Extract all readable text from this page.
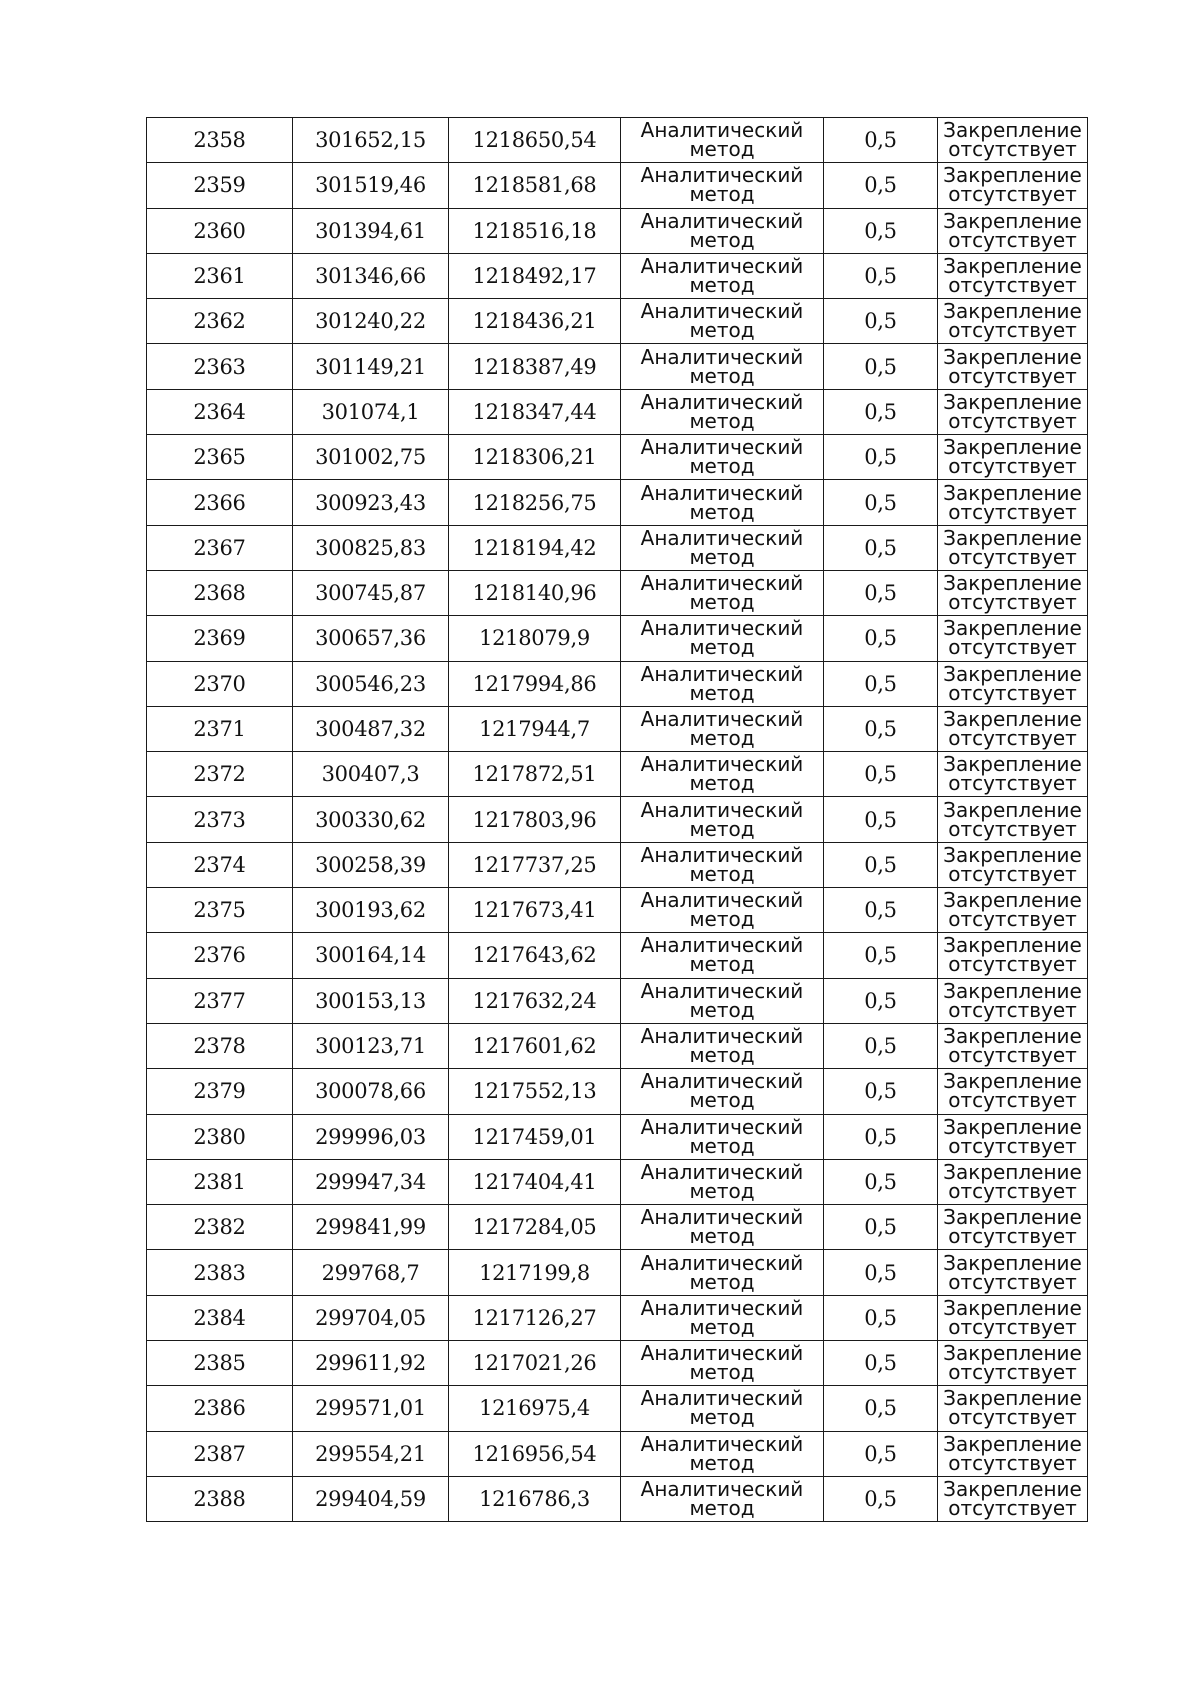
2358	301652,15	1218650,54	Аналитический
метод	0,5	Закрепление
отсутствует

2359	301519,46	1218581,68	Аналитический
метод	0,5	Закрепление
отсутствует

2360	301394,61	1218516,18	Аналитический
метод	0,5	Закрепление
отсутствует

2361	301346,66	1218492,17	Аналитический
метод	0,5	Закрепление
отсутствует

2362	301240,22	1218436,21	Аналитический
метод	0,5	Закрепление
отсутствует

2363	301149,21	1218387,49	Аналитический
метод	0,5	Закрепление
отсутствует

2364	301074,1	1218347,44	Аналитический
метод	0,5	Закрепление
отсутствует

2365	301002,75	1218306,21	Аналитический
метод	0,5	Закрепление
отсутствует

2366	300923,43	1218256,75	Аналитический
метод	0,5	Закрепление
отсутствует

2367	300825,83	1218194,42	Аналитический
метод	0,5	Закрепление
отсутствует

2368	300745,87	1218140,96	Аналитический
метод	0,5	Закрепление
отсутствует

2369	300657,36	1218079,9	Аналитический
метод	0,5	Закрепление
отсутствует

2370	300546,23	1217994,86	Аналитический
метод	0,5	Закрепление
отсутствует

2371	300487,32	1217944,7	Аналитический
метод	0,5	Закрепление
отсутствует

2372	300407,3	1217872,51	Аналитический
метод	0,5	Закрепление
отсутствует

2373	300330,62	1217803,96	Аналитический
метод	0,5	Закрепление
отсутствует

2374	300258,39	1217737,25	Аналитический
метод	0,5	Закрепление
отсутствует

2375	300193,62	1217673,41	Аналитический
метод	0,5	Закрепление
отсутствует

2376	300164,14	1217643,62	Аналитический
метод	0,5	Закрепление
отсутствует

2377	300153,13	1217632,24	Аналитический
метод	0,5	Закрепление
отсутствует

2378	300123,71	1217601,62	Аналитический
метод	0,5	Закрепление
отсутствует

2379	300078,66	1217552,13	Аналитический
метод	0,5	Закрепление
отсутствует

2380	299996,03	1217459,01	Аналитический
метод	0,5	Закрепление
отсутствует

2381	299947,34	1217404,41	Аналитический
метод	0,5	Закрепление
отсутствует

2382	299841,99	1217284,05	Аналитический
метод	0,5	Закрепление
отсутствует

2383	299768,7	1217199,8	Аналитический
метод	0,5	Закрепление
отсутствует

2384	299704,05	1217126,27	Аналитический
метод	0,5	Закрепление
отсутствует

2385	299611,92	1217021,26	Аналитический
метод	0,5	Закрепление
отсутствует

2386	299571,01	1216975,4	Аналитический
метод	0,5	Закрепление
отсутствует

2387	299554,21	1216956,54	Аналитический
метод	0,5	Закрепление
отсутствует

2388	299404,59	1216786,3	Аналитический
метод	0,5	Закрепление
отсутствует
